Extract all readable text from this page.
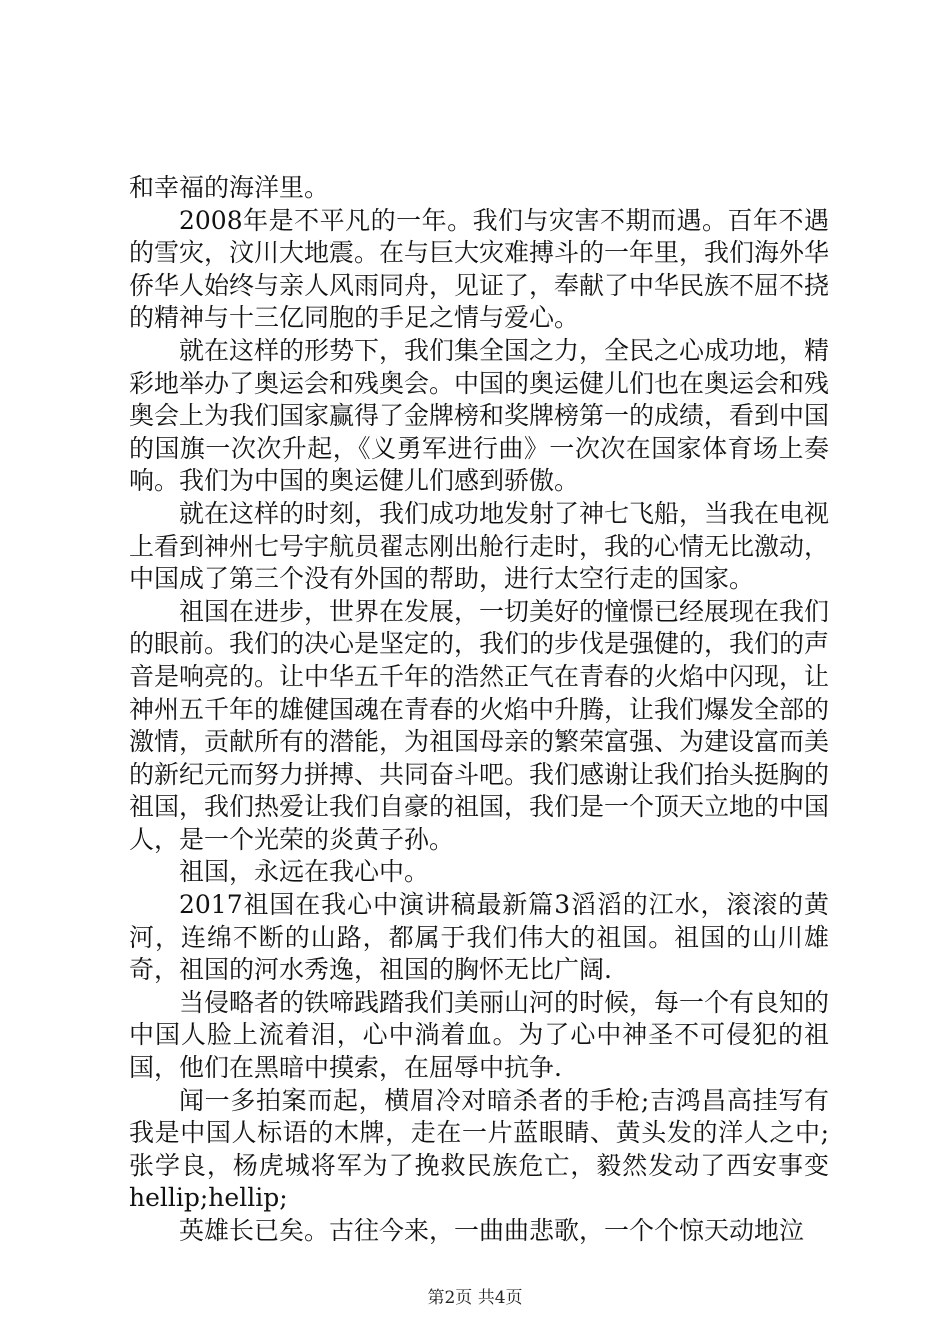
和幸福的海洋里。

2008年是不平凡的一年。我们与灾害不期而遇。百年不遇的雪灾，汶川大地震。在与巨大灾难搏斗的一年里，我们海外华侨华人始终与亲人风雨同舟，见证了，奉献了中华民族不屈不挠的精神与十三亿同胞的手足之情与爱心。

就在这样的形势下，我们集全国之力，全民之心成功地，精彩地举办了奥运会和残奥会。中国的奥运健儿们也在奥运会和残奥会上为我们国家赢得了金牌榜和奖牌榜第一的成绩，看到中国的国旗一次次升起，《义勇军进行曲》一次次在国家体育场上奏响。我们为中国的奥运健儿们感到骄傲。

就在这样的时刻，我们成功地发射了神七飞船，当我在电视上看到神州七号宇航员翟志刚出舱行走时，我的心情无比激动，中国成了第三个没有外国的帮助，进行太空行走的国家。

祖国在进步，世界在发展，一切美好的憧憬已经展现在我们的眼前。我们的决心是坚定的，我们的步伐是强健的，我们的声音是响亮的。让中华五千年的浩然正气在青春的火焰中闪现，让神州五千年的雄健国魂在青春的火焰中升腾，让我们爆发全部的激情，贡献所有的潜能，为祖国母亲的繁荣富强、为建设富而美的新纪元而努力拼搏、共同奋斗吧。我们感谢让我们抬头挺胸的祖国，我们热爱让我们自豪的祖国，我们是一个顶天立地的中国人，是一个光荣的炎黄子孙。

祖国，永远在我心中。

2017祖国在我心中演讲稿最新篇3滔滔的江水，滚滚的黄河，连绵不断的山路，都属于我们伟大的祖国。祖国的山川雄奇，祖国的河水秀逸，祖国的胸怀无比广阔.

当侵略者的铁啼践踏我们美丽山河的时候，每一个有良知的中国人脸上流着泪，心中淌着血。为了心中神圣不可侵犯的祖国，他们在黑暗中摸索，在屈辱中抗争.

闻一多拍案而起，横眉冷对暗杀者的手枪;吉鸿昌高挂写有我是中国人标语的木牌，走在一片蓝眼睛、黄头发的洋人之中;张学良，杨虎城将军为了挽救民族危亡，毅然发动了西安事变hellip;hellip;

英雄长已矣。古往今来，一曲曲悲歌，一个个惊天动地泣

第2页 共4页
